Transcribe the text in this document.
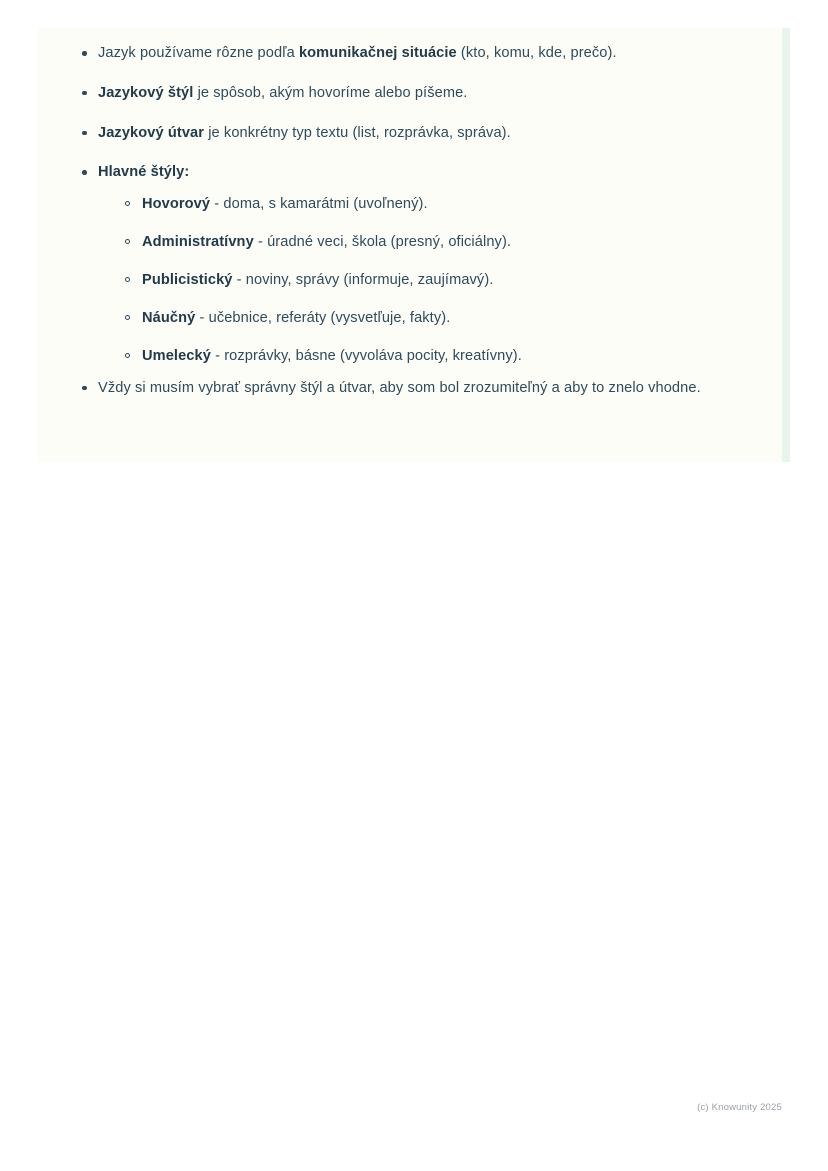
Jazyk používame rôzne podľa komunikačnej situácie (kto, komu, kde, prečo).
Jazykový štýl je spôsob, akým hovoríme alebo píšeme.
Jazykový útvar je konkrétny typ textu (list, rozprávka, správa).
Hlavné štýly:
Hovorový - doma, s kamarátmi (uvoľnený).
Administratívny - úradné veci, škola (presný, oficiálny).
Publicistický - noviny, správy (informuje, zaujímavý).
Náučný - učebnice, referáty (vysvetľuje, fakty).
Umelecký - rozprávky, básne (vyvoláva pocity, kreatívny).
Vždy si musím vybrať správny štýl a útvar, aby som bol zrozumiteľný a aby to znelo vhodne.
(c) Knowunity 2025
